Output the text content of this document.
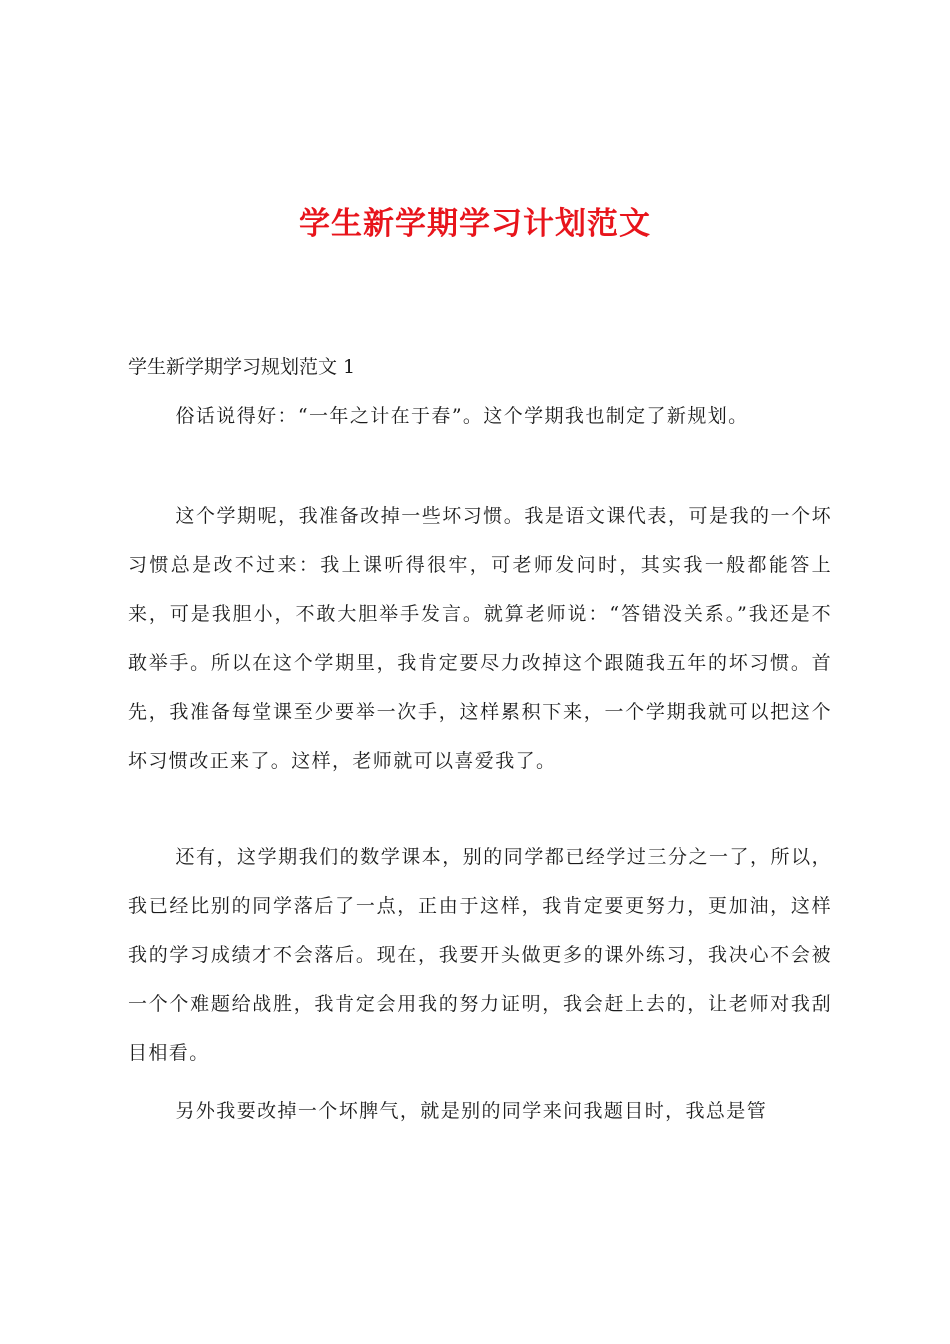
学生新学期学习计划范文

学生新学期学习规划范文 1

俗话说得好：“一年之计在于春”。这个学期我也制定了新规划。

这个学期呢，我准备改掉一些坏习惯。我是语文课代表，可是我的一个坏习惯总是改不过来：我上课听得很牢，可老师发问时，其实我一般都能答上来，可是我胆小，不敢大胆举手发言。就算老师说：“答错没关系。”我还是不敢举手。所以在这个学期里，我肯定要尽力改掉这个跟随我五年的坏习惯。首先，我准备每堂课至少要举一次手，这样累积下来，一个学期我就可以把这个坏习惯改正来了。这样，老师就可以喜爱我了。

还有，这学期我们的数学课本，别的同学都已经学过三分之一了，所以，我已经比别的同学落后了一点，正由于这样，我肯定要更努力，更加油，这样我的学习成绩才不会落后。现在，我要开头做更多的课外练习，我决心不会被一个个难题给战胜，我肯定会用我的努力证明，我会赶上去的，让老师对我刮目相看。

另外我要改掉一个坏脾气，就是别的同学来问我题目时，我总是管
